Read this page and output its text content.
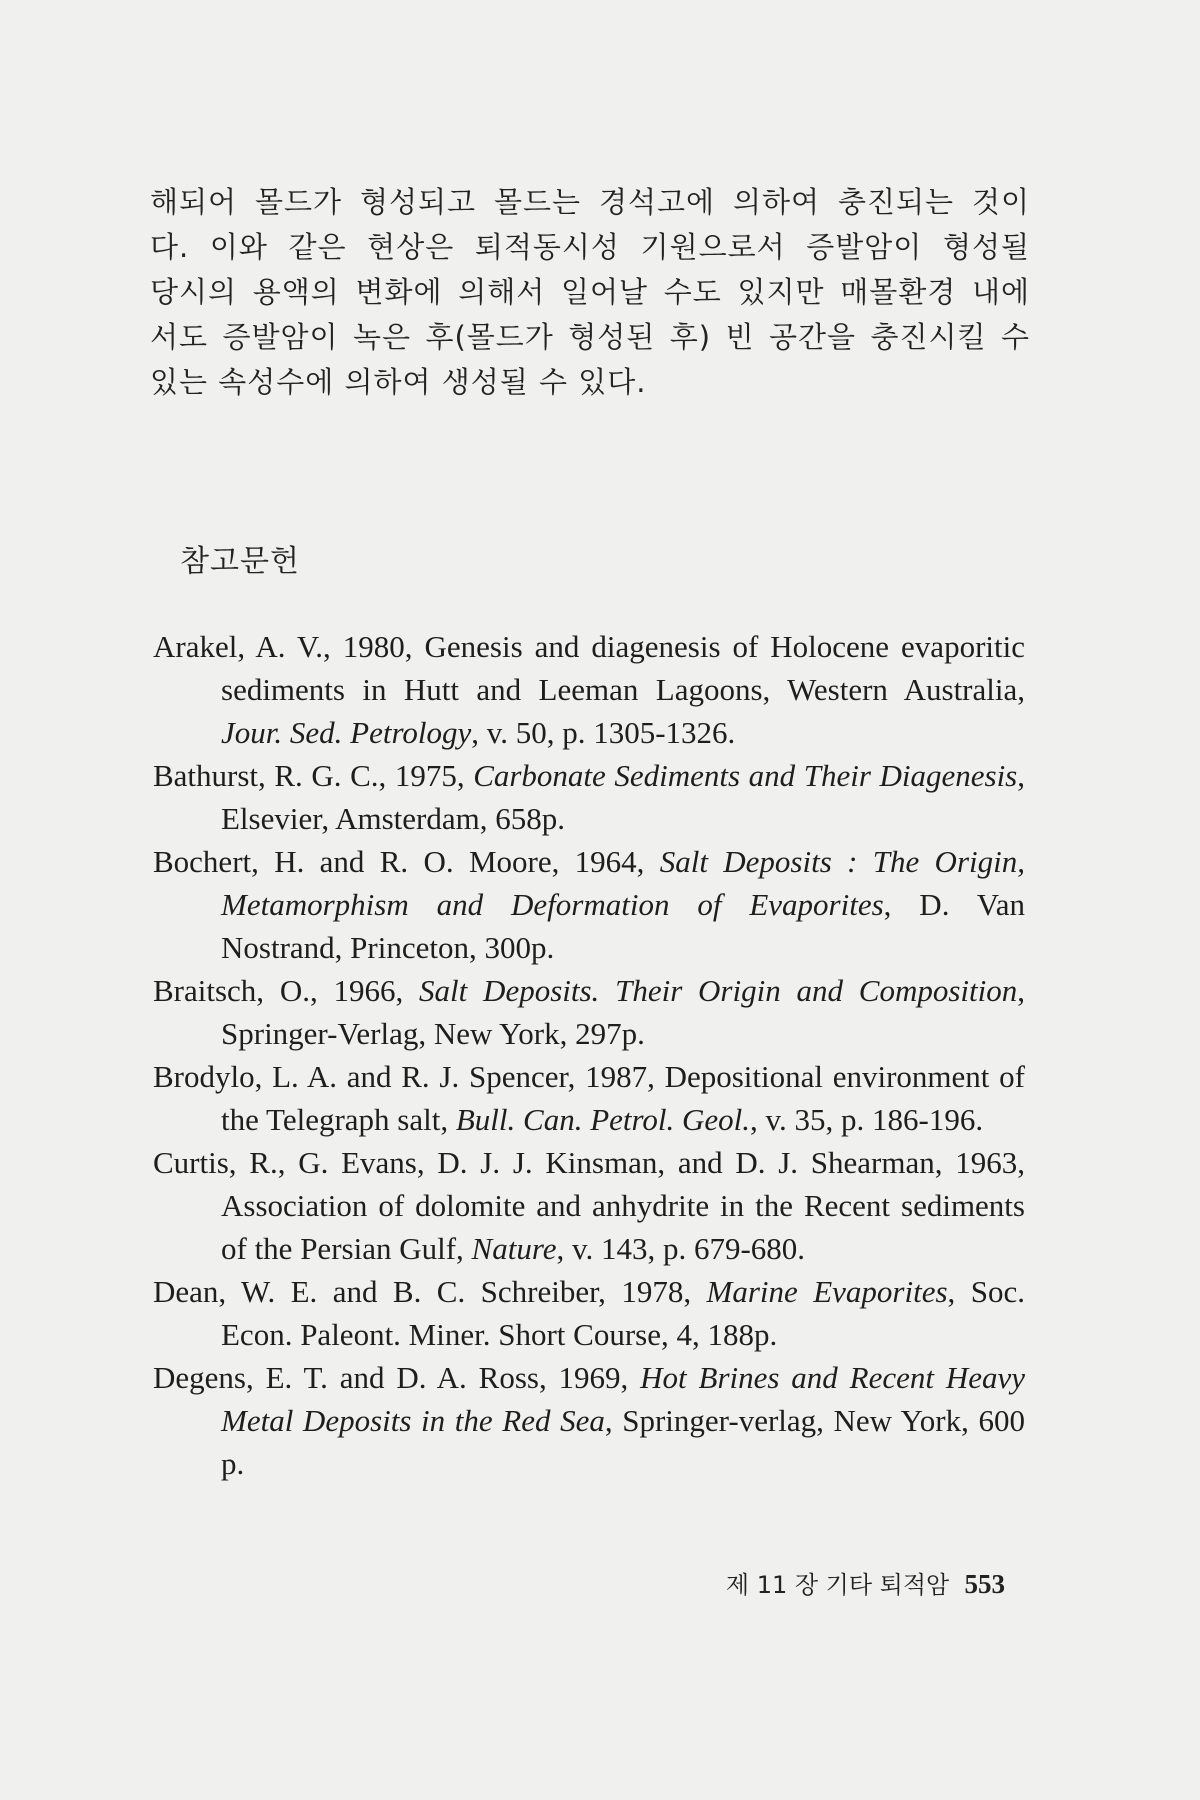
해되어 몰드가 형성되고 몰드는 경석고에 의하여 충진되는 것이
다. 이와 같은 현상은 퇴적동시성 기원으로서 증발암이 형성될
당시의 용액의 변화에 의해서 일어날 수도 있지만 매몰환경 내에
서도 증발암이 녹은 후(몰드가 형성된 후) 빈 공간을 충진시킬 수
있는 속성수에 의하여 생성될 수 있다.
참고문헌

Arakel, A. V., 1980, Genesis and diagenesis of Holocene evaporitic sediments in Hutt and Leeman Lagoons, Western Australia, Jour. Sed. Petrology, v. 50, p. 1305-1326.

Bathurst, R. G. C., 1975, Carbonate Sediments and Their Diagenesis, Elsevier, Amsterdam, 658p.

Bochert, H. and R. O. Moore, 1964, Salt Deposits : The Origin, Metamorphism and Deformation of Evaporites, D. Van Nostrand, Princeton, 300p.

Braitsch, O., 1966, Salt Deposits. Their Origin and Composition, Springer-Verlag, New York, 297p.

Brodylo, L. A. and R. J. Spencer, 1987, Depositional environment of the Telegraph salt, Bull. Can. Petrol. Geol., v. 35, p. 186-196.

Curtis, R., G. Evans, D. J. J. Kinsman, and D. J. Shearman, 1963, Association of dolomite and anhydrite in the Recent sediments of the Persian Gulf, Nature, v. 143, p. 679-680.

Dean, W. E. and B. C. Schreiber, 1978, Marine Evaporites, Soc. Econ. Paleont. Miner. Short Course, 4, 188p.

Degens, E. T. and D. A. Ross, 1969, Hot Brines and Recent Heavy Metal Deposits in the Red Sea, Springer-verlag, New York, 600 p.

제 11 장 기타 퇴적암 553
